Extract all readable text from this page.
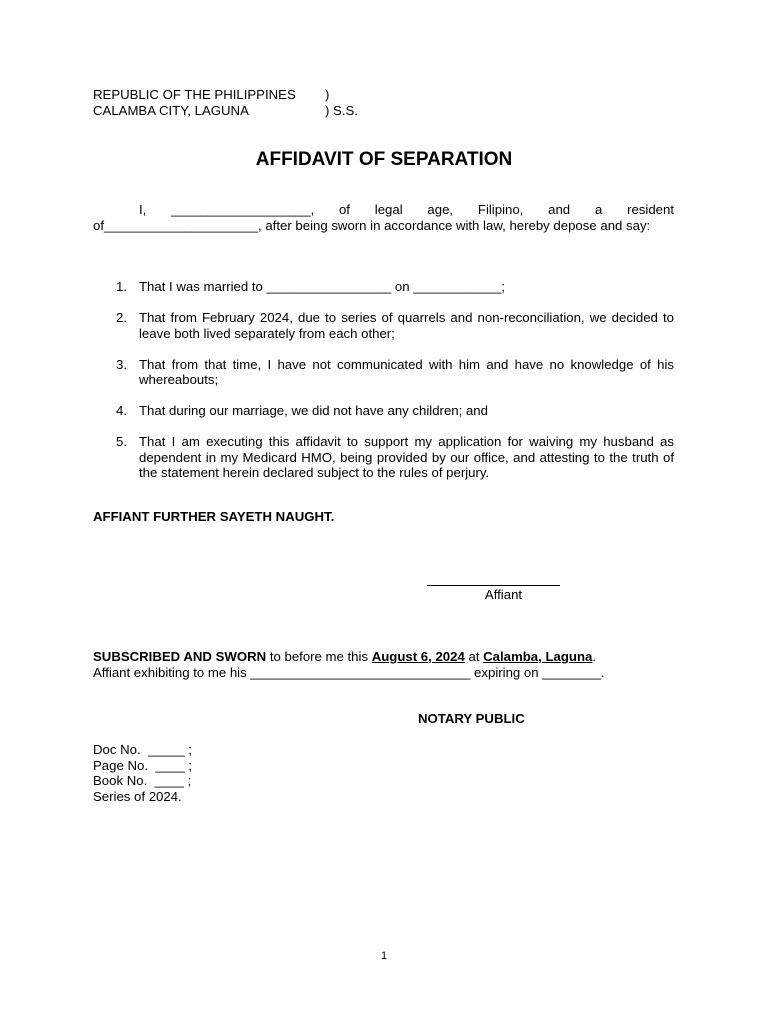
REPUBLIC OF THE PHILIPPINES )
CALAMBA CITY, LAGUNA	) S.S.
AFFIDAVIT OF SEPARATION

I, ___________________, of legal age, Filipino, and a resident of_____________________, after being sworn in accordance with law, hereby depose and say:

1. That I was married to _________________ on ____________;
2. That from February 2024, due to series of quarrels and non-reconciliation, we decided to leave both lived separately from each other;
3. That from that time, I have not communicated with him and have no knowledge of his whereabouts;
4. That during our marriage, we did not have any children; and
5. That I am executing this affidavit to support my application for waiving my husband as dependent in my Medicard HMO, being provided by our office, and attesting to the truth of the statement herein declared subject to the rules of perjury.
AFFIANT FURTHER SAYETH NAUGHT.
Affiant

SUBSCRIBED AND SWORN to before me this August 6, 2024 at Calamba, Laguna.

Affiant exhibiting to me his ______________________________ expiring on ________.

NOTARY PUBLIC
Doc No.  _____ ;
Page No.  ____ ;
Book No.  ____ ;
Series of 2024.
1
